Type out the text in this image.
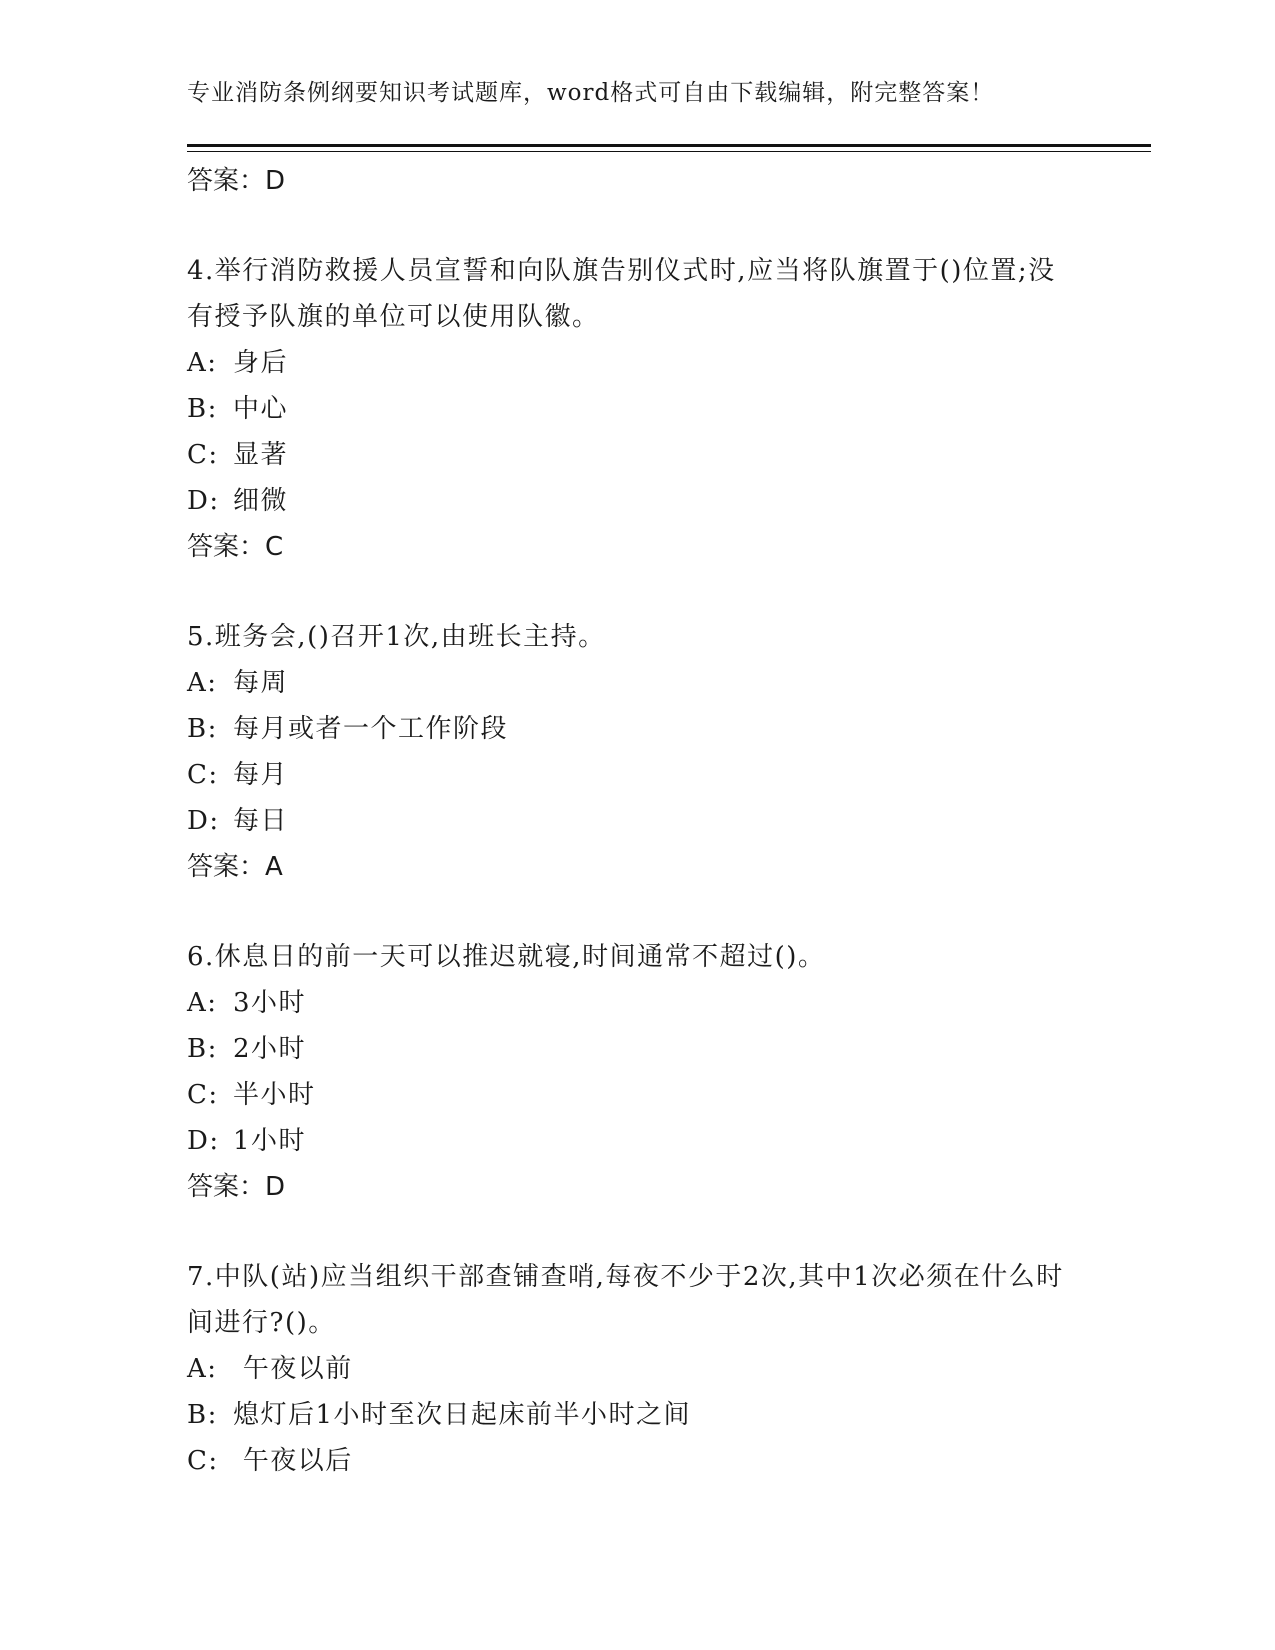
专业消防条例纲要知识考试题库，word格式可自由下载编辑，附完整答案！
答案：D
4.举行消防救援人员宣誓和向队旗告别仪式时,应当将队旗置于()位置;没有授予队旗的单位可以使用队徽。
A: 身后
B: 中心
C: 显著
D: 细微
答案：C
5.班务会,()召开1次,由班长主持。
A: 每周
B: 每月或者一个工作阶段
C: 每月
D: 每日
答案：A
6.休息日的前一天可以推迟就寝,时间通常不超过()。
A: 3小时
B: 2小时
C: 半小时
D: 1小时
答案：D
7.中队(站)应当组织干部查铺查哨,每夜不少于2次,其中1次必须在什么时间进行?()。
A: 午夜以前
B: 熄灯后1小时至次日起床前半小时之间
C: 午夜以后
